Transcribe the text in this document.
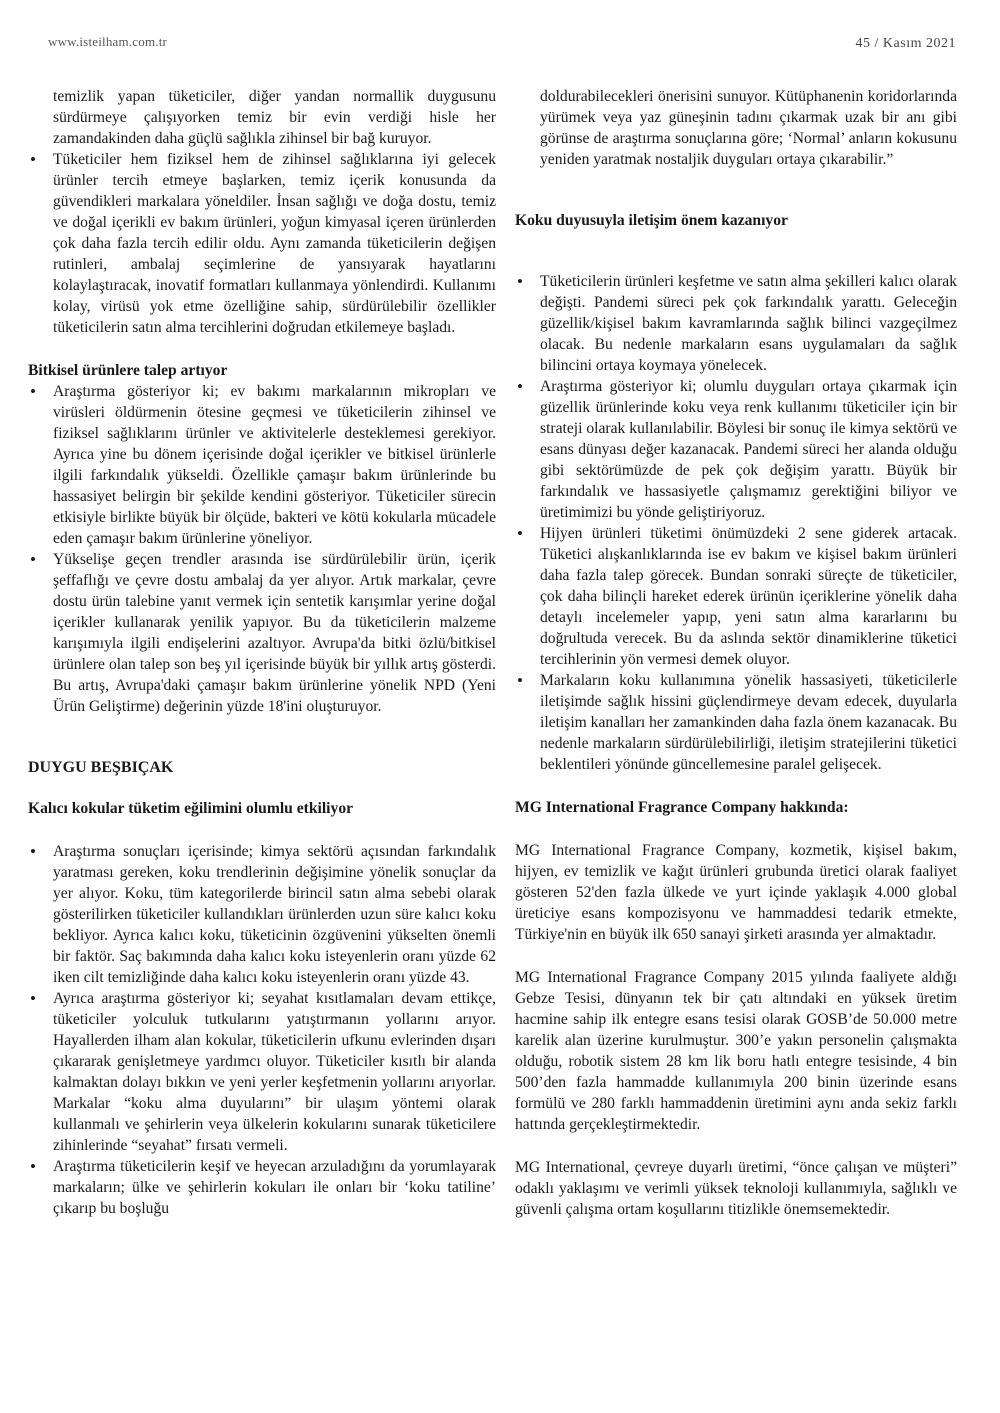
www.isteilham.com.tr	45 / Kasım 2021

temizlik yapan tüketiciler, diğer yandan normallik duygusunu sürdürmeye çalışıyorken temiz bir evin verdiği hisle her zamandakinden daha güçlü sağlıkla zihinsel bir bağ kuruyor.

• Tüketiciler hem fiziksel hem de zihinsel sağlıklarına iyi gelecek ürünler tercih etmeye başlarken, temiz içerik konusunda da güvendikleri markalara yöneldiler. İnsan sağlığı ve doğa dostu, temiz ve doğal içerikli ev bakım ürünleri, yoğun kimyasal içeren ürünlerden çok daha fazla tercih edilir oldu. Aynı zamanda tüketicilerin değişen rutinleri, ambalaj seçimlerine de yansıyarak hayatlarını kolaylaştıracak, inovatif formatları kullanmaya yönlendirdi. Kullanımı kolay, virüsü yok etme özelliğine sahip, sürdürülebilir özellikler tüketicilerin satın alma tercihlerini doğrudan etkilemeye başladı.

Bitkisel ürünlere talep artıyor

• Araştırma gösteriyor ki; ev bakımı markalarının mikropları ve virüsleri öldürmenin ötesine geçmesi ve tüketicilerin zihinsel ve fiziksel sağlıklarını ürünler ve aktivitelerle desteklemesi gerekiyor. Ayrıca yine bu dönem içerisinde doğal içerikler ve bitkisel ürünlerle ilgili farkındalık yükseldi. Özellikle çamaşır bakım ürünlerinde bu hassasiyet belirgin bir şekilde kendini gösteriyor. Tüketiciler sürecin etkisiyle birlikte büyük bir ölçüde, bakteri ve kötü kokularla mücadele eden çamaşır bakım ürünlerine yöneliyor.
• Yükselişe geçen trendler arasında ise sürdürülebilir ürün, içerik şeffaflığı ve çevre dostu ambalaj da yer alıyor. Artık markalar, çevre dostu ürün talebine yanıt vermek için sentetik karışımlar yerine doğal içerikler kullanarak yenilik yapıyor. Bu da tüketicilerin malzeme karışımıyla ilgili endişelerini azaltıyor. Avrupa'da bitki özlü/bitkisel ürünlere olan talep son beş yıl içerisinde büyük bir yıllık artış gösterdi. Bu artış, Avrupa'daki çamaşır bakım ürünlerine yönelik NPD (Yeni Ürün Geliştirme) değerinin yüzde 18'ini oluşturuyor.

DUYGU BEŞBIÇAK

Kalıcı kokular tüketim eğilimini olumlu etkiliyor

• Araştırma sonuçları içerisinde; kimya sektörü açısından farkındalık yaratması gereken, koku trendlerinin değişimine yönelik sonuçlar da yer alıyor. Koku, tüm kategorilerde birincil satın alma sebebi olarak gösterilirken tüketiciler kullandıkları ürünlerden uzun süre kalıcı koku bekliyor. Ayrıca kalıcı koku, tüketicinin özgüvenini yükselten önemli bir faktör. Saç bakımında daha kalıcı koku isteyenlerin oranı yüzde 62 iken cilt temizliğinde daha kalıcı koku isteyenlerin oranı yüzde 43.
• Ayrıca araştırma gösteriyor ki; seyahat kısıtlamaları devam ettikçe, tüketiciler yolculuk tutkularını yatıştırmanın yollarını arıyor. Hayallerden ilham alan kokular, tüketicilerin ufkunu evlerinden dışarı çıkararak genişletmeye yardımcı oluyor. Tüketiciler kısıtlı bir alanda kalmaktan dolayı bıkkın ve yeni yerler keşfetmenin yollarını arıyorlar. Markalar “koku alma duyularını” bir ulaşım yöntemi olarak kullanmalı ve şehirlerin veya ülkelerin kokularını sunarak tüketicilere zihinlerinde “seyahat” fırsatı vermeli.
• Araştırma tüketicilerin keşif ve heyecan arzuladığını da yorumlayarak markaların; ülke ve şehirlerin kokuları ile onları bir ‘koku tatiline’ çıkarıp bu boşluğu

doldurabilecekleri önerisini sunuyor. Kütüphanenin koridorlarında yürümek veya yaz güneşinin tadını çıkarmak uzak bir anı gibi görünse de araştırma sonuçlarına göre; ‘Normal’ anların kokusunu yeniden yaratmak nostaljik duyguları ortaya çıkarabilir.”

Koku duyusuyla iletişim önem kazanıyor

• Tüketicilerin ürünleri keşfetme ve satın alma şekilleri kalıcı olarak değişti. Pandemi süreci pek çok farkındalık yarattı. Geleceğin güzellik/kişisel bakım kavramlarında sağlık bilinci vazgeçilmez olacak. Bu nedenle markaların esans uygulamaları da sağlık bilincini ortaya koymaya yönelecek.
• Araştırma gösteriyor ki; olumlu duyguları ortaya çıkarmak için güzellik ürünlerinde koku veya renk kullanımı tüketiciler için bir strateji olarak kullanılabilir. Böylesi bir sonuç ile kimya sektörü ve esans dünyası değer kazanacak. Pandemi süreci her alanda olduğu gibi sektörümüzde de pek çok değişim yarattı. Büyük bir farkındalık ve hassasiyetle çalışmamız gerektiğini biliyor ve üretimimizi bu yönde geliştiriyoruz.
• Hijyen ürünleri tüketimi önümüzdeki 2 sene giderek artacak. Tüketici alışkanlıklarında ise ev bakım ve kişisel bakım ürünleri daha fazla talep görecek. Bundan sonraki süreçte de tüketiciler, çok daha bilinçli hareket ederek ürünün içeriklerine yönelik daha detaylı incelemeler yapıp, yeni satın alma kararlarını bu doğrultuda verecek. Bu da aslında sektör dinamiklerine tüketici tercihlerinin yön vermesi demek oluyor.
• Markaların koku kullanımına yönelik hassasiyeti, tüketicilerle iletişimde sağlık hissini güçlendirmeye devam edecek, duyularla iletişim kanalları her zamankinden daha fazla önem kazanacak. Bu nedenle markaların sürdürülebilirliği, iletişim stratejilerini tüketici beklentileri yönünde güncellemesine paralel gelişecek.

MG International Fragrance Company hakkında:

MG International Fragrance Company, kozmetik, kişisel bakım, hijyen, ev temizlik ve kağıt ürünleri grubunda üretici olarak faaliyet gösteren 52'den fazla ülkede ve yurt içinde yaklaşık 4.000 global üreticiye esans kompozisyonu ve hammaddesi tedarik etmekte, Türkiye'nin en büyük ilk 650 sanayi şirketi arasında yer almaktadır.

MG International Fragrance Company 2015 yılında faaliyete aldığı Gebze Tesisi, dünyanın tek bir çatı altındaki en yüksek üretim hacmine sahip ilk entegre esans tesisi olarak GOSB’de 50.000 metre karelik alan üzerine kurulmuştur. 300’e yakın personelin çalışmakta olduğu, robotik sistem 28 km lik boru hatlı entegre tesisinde, 4 bin 500’den fazla hammadde kullanımıyla 200 binin üzerinde esans formülü ve 280 farklı hammaddenin üretimini aynı anda sekiz farklı hattında gerçekleştirmektedir.

MG International, çevreye duyarlı üretimi, “önce çalışan ve müşteri” odaklı yaklaşımı ve verimli yüksek teknoloji kullanımıyla, sağlıklı ve güvenli çalışma ortam koşullarını titizlikle önemsemektedir.
